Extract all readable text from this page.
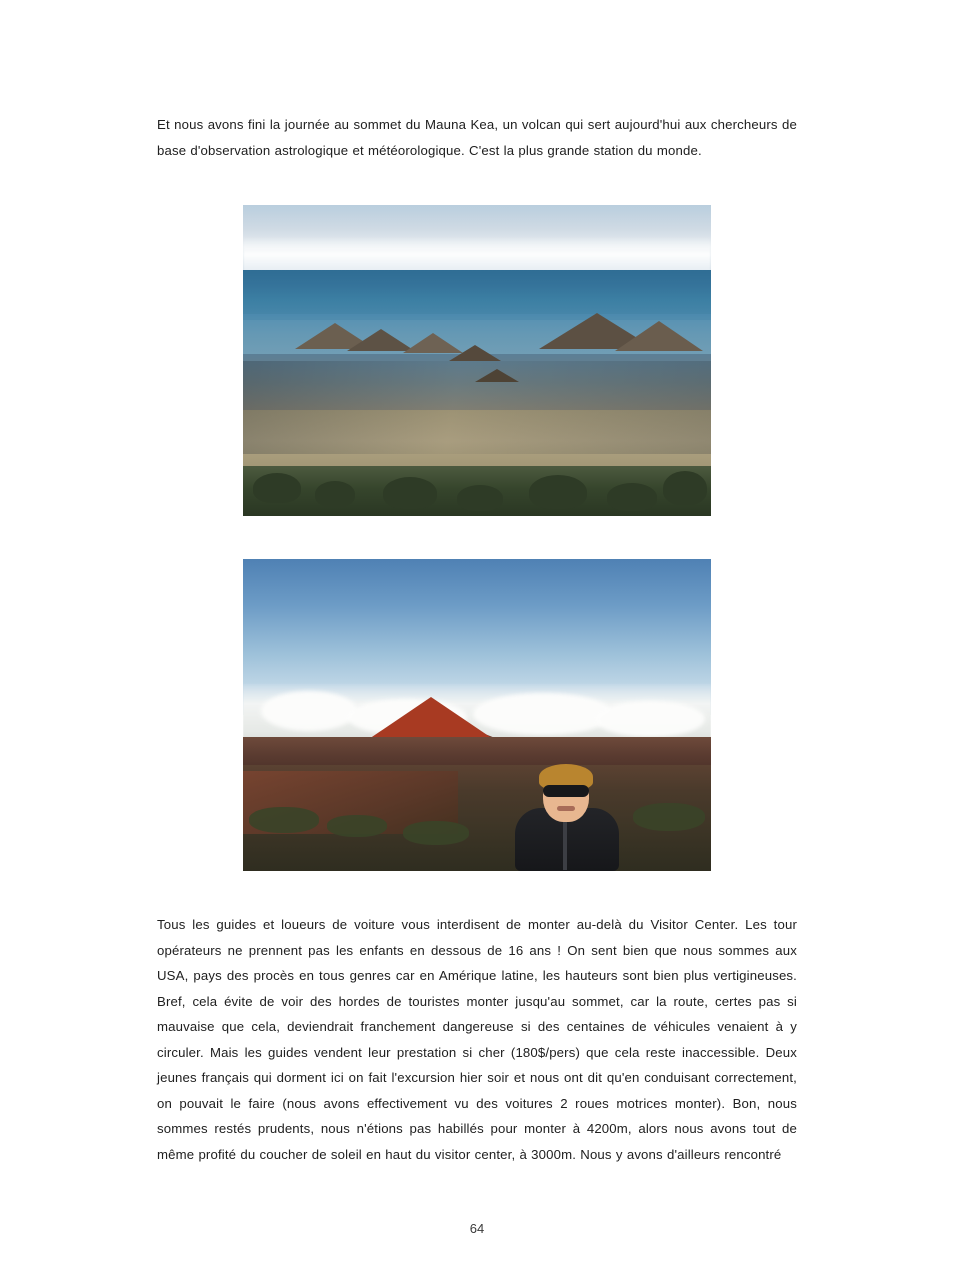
Et nous avons fini la journée au sommet du Mauna Kea, un volcan qui sert aujourd'hui aux chercheurs de base d'observation astrologique et météorologique. C'est la plus grande station du monde.

Tous les guides et loueurs de voiture vous interdisent de monter au-delà du Visitor Center. Les tour opérateurs ne prennent pas les enfants en dessous de 16 ans ! On sent bien que nous sommes aux USA, pays des procès en tous genres car en Amérique latine, les hauteurs sont bien plus vertigineuses. Bref, cela évite de voir des hordes de touristes monter jusqu'au sommet, car la route, certes pas si mauvaise que cela, deviendrait franchement dangereuse si des centaines de véhicules venaient à y circuler. Mais les guides vendent leur prestation si cher (180$/pers) que cela reste inaccessible. Deux jeunes français qui dorment ici on fait l'excursion hier soir et nous ont dit qu'en conduisant correctement, on pouvait le faire (nous avons effectivement vu des voitures 2 roues motrices monter). Bon, nous sommes restés prudents, nous n'étions pas habillés pour monter à 4200m, alors nous avons tout de même profité du coucher de soleil en haut du visitor center, à 3000m. Nous y avons d'ailleurs rencontré

64
